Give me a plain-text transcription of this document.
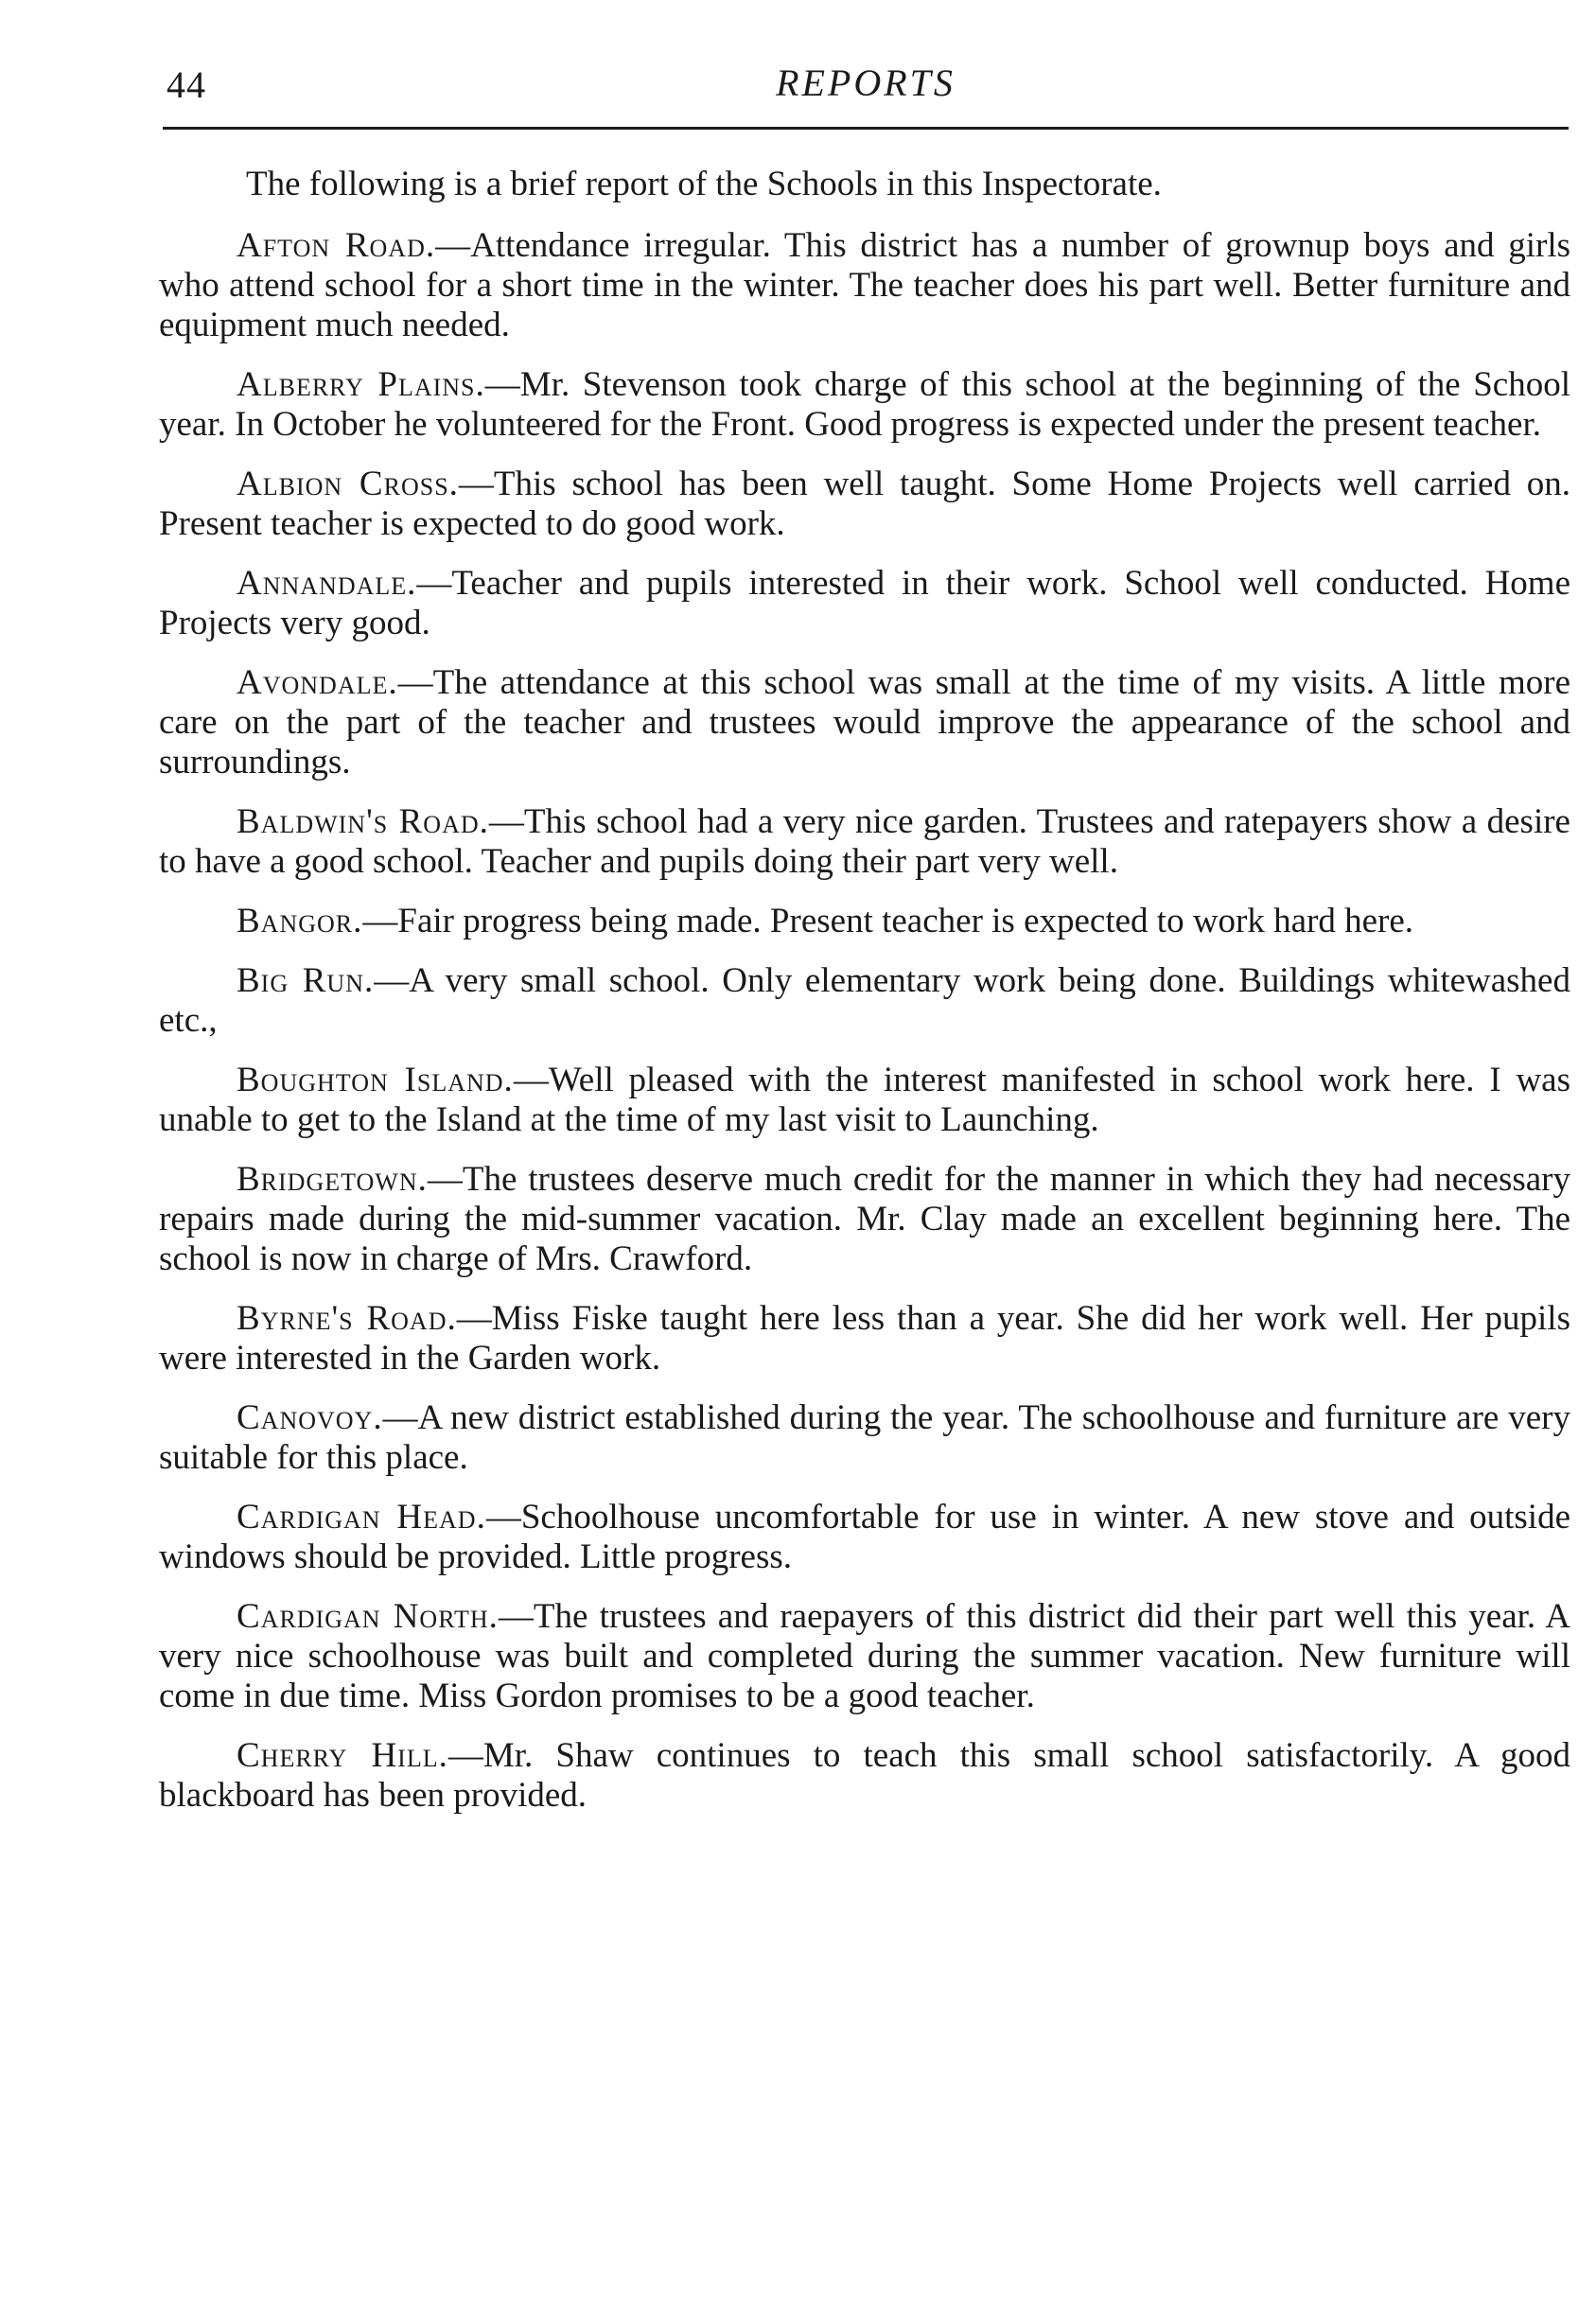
44	REPORTS

The following is a brief report of the Schools in this Inspectorate.

Afton Road.—Attendance irregular. This district has a number of grownup boys and girls who attend school for a short time in the winter. The teacher does his part well. Better furniture and equipment much needed.

Alberry Plains.—Mr. Stevenson took charge of this school at the beginning of the School year. In October he volunteered for the Front. Good progress is expected under the present teacher.

Albion Cross.—This school has been well taught. Some Home Projects well carried on. Present teacher is expected to do good work.

Annandale.—Teacher and pupils interested in their work. School well conducted. Home Projects very good.

Avondale.—The attendance at this school was small at the time of my visits. A little more care on the part of the teacher and trustees would improve the appearance of the school and surroundings.

Baldwin's Road.—This school had a very nice garden. Trustees and ratepayers show a desire to have a good school. Teacher and pupils doing their part very well.

Bangor.—Fair progress being made. Present teacher is expected to work hard here.

Big Run.—A very small school. Only elementary work being done. Buildings whitewashed etc.,

Boughton Island.—Well pleased with the interest manifested in school work here. I was unable to get to the Island at the time of my last visit to Launching.

Bridgetown.—The trustees deserve much credit for the manner in which they had necessary repairs made during the mid-summer vacation. Mr. Clay made an excellent beginning here. The school is now in charge of Mrs. Crawford.

Byrne's Road.—Miss Fiske taught here less than a year. She did her work well. Her pupils were interested in the Garden work.

Canovoy.—A new district established during the year. The schoolhouse and furniture are very suitable for this place.

Cardigan Head.—Schoolhouse uncomfortable for use in winter. A new stove and outside windows should be provided. Little progress.

Cardigan North.—The trustees and raepayers of this district did their part well this year. A very nice schoolhouse was built and completed during the summer vacation. New furniture will come in due time. Miss Gordon promises to be a good teacher.

Cherry Hill.—Mr. Shaw continues to teach this small school satisfactorily. A good blackboard has been provided.
